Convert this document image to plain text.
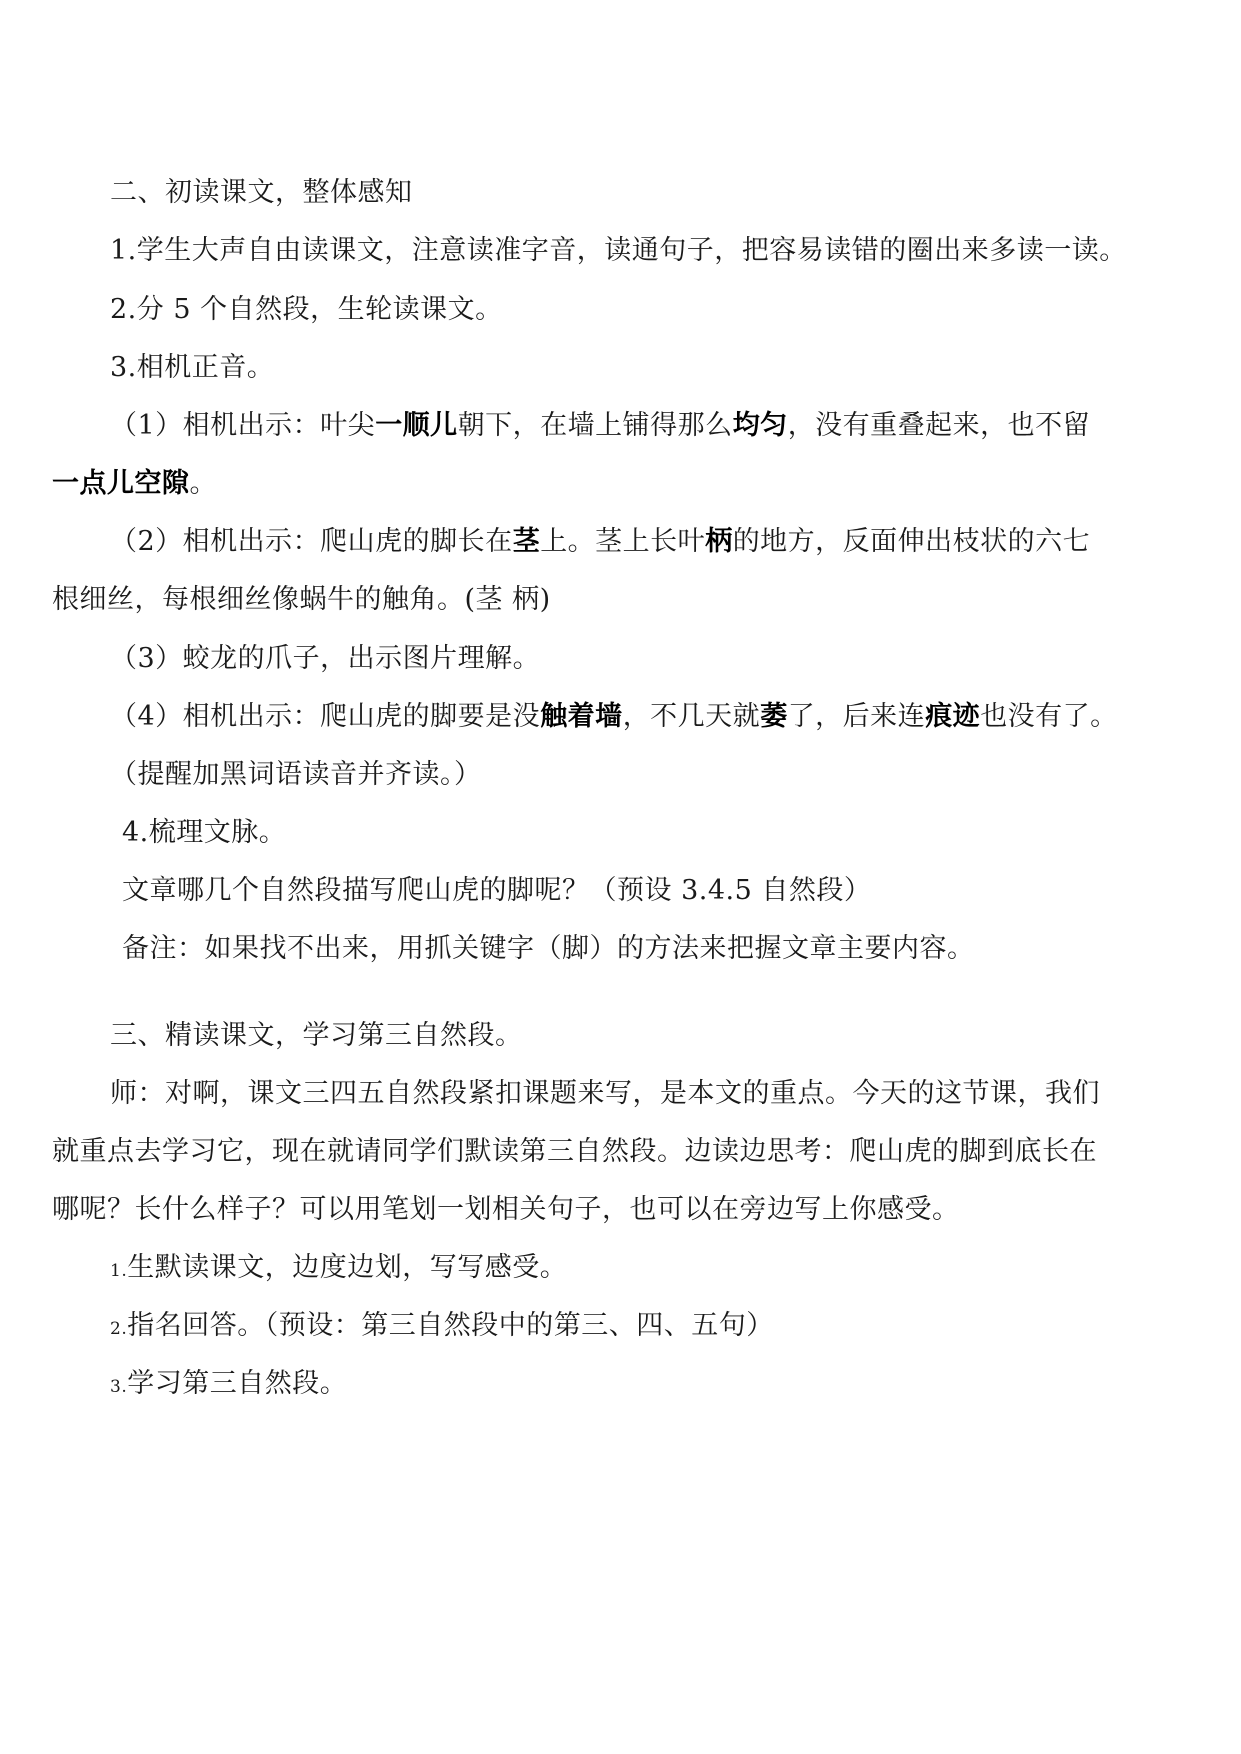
二、初读课文，整体感知
1.学生大声自由读课文，注意读准字音，读通句子，把容易读错的圈出来多读一读。
2.分 5 个自然段，生轮读课文。
3.相机正音。
（1）相机出示：叶尖一顺儿朝下，在墙上铺得那么均匀，没有重叠起来，也不留
一点儿空隙。
（2）相机出示：爬山虎的脚长在茎上。茎上长叶柄的地方，反面伸出枝状的六七
根细丝，每根细丝像蜗牛的触角。(茎 柄)
（3）蛟龙的爪子，出示图片理解。
（4）相机出示：爬山虎的脚要是没触着墙，不几天就萎了，后来连痕迹也没有了。
（提醒加黑词语读音并齐读。）
4.梳理文脉。
文章哪几个自然段描写爬山虎的脚呢？（预设 3.4.5 自然段）
备注：如果找不出来，用抓关键字（脚）的方法来把握文章主要内容。
三、精读课文，学习第三自然段。
师：对啊，课文三四五自然段紧扣课题来写，是本文的重点。今天的这节课，我们
就重点去学习它，现在就请同学们默读第三自然段。边读边思考：爬山虎的脚到底长在
哪呢？长什么样子？可以用笔划一划相关句子，也可以在旁边写上你感受。
1.生默读课文，边度边划，写写感受。
2.指名回答。（预设：第三自然段中的第三、四、五句）
3.学习第三自然段。
